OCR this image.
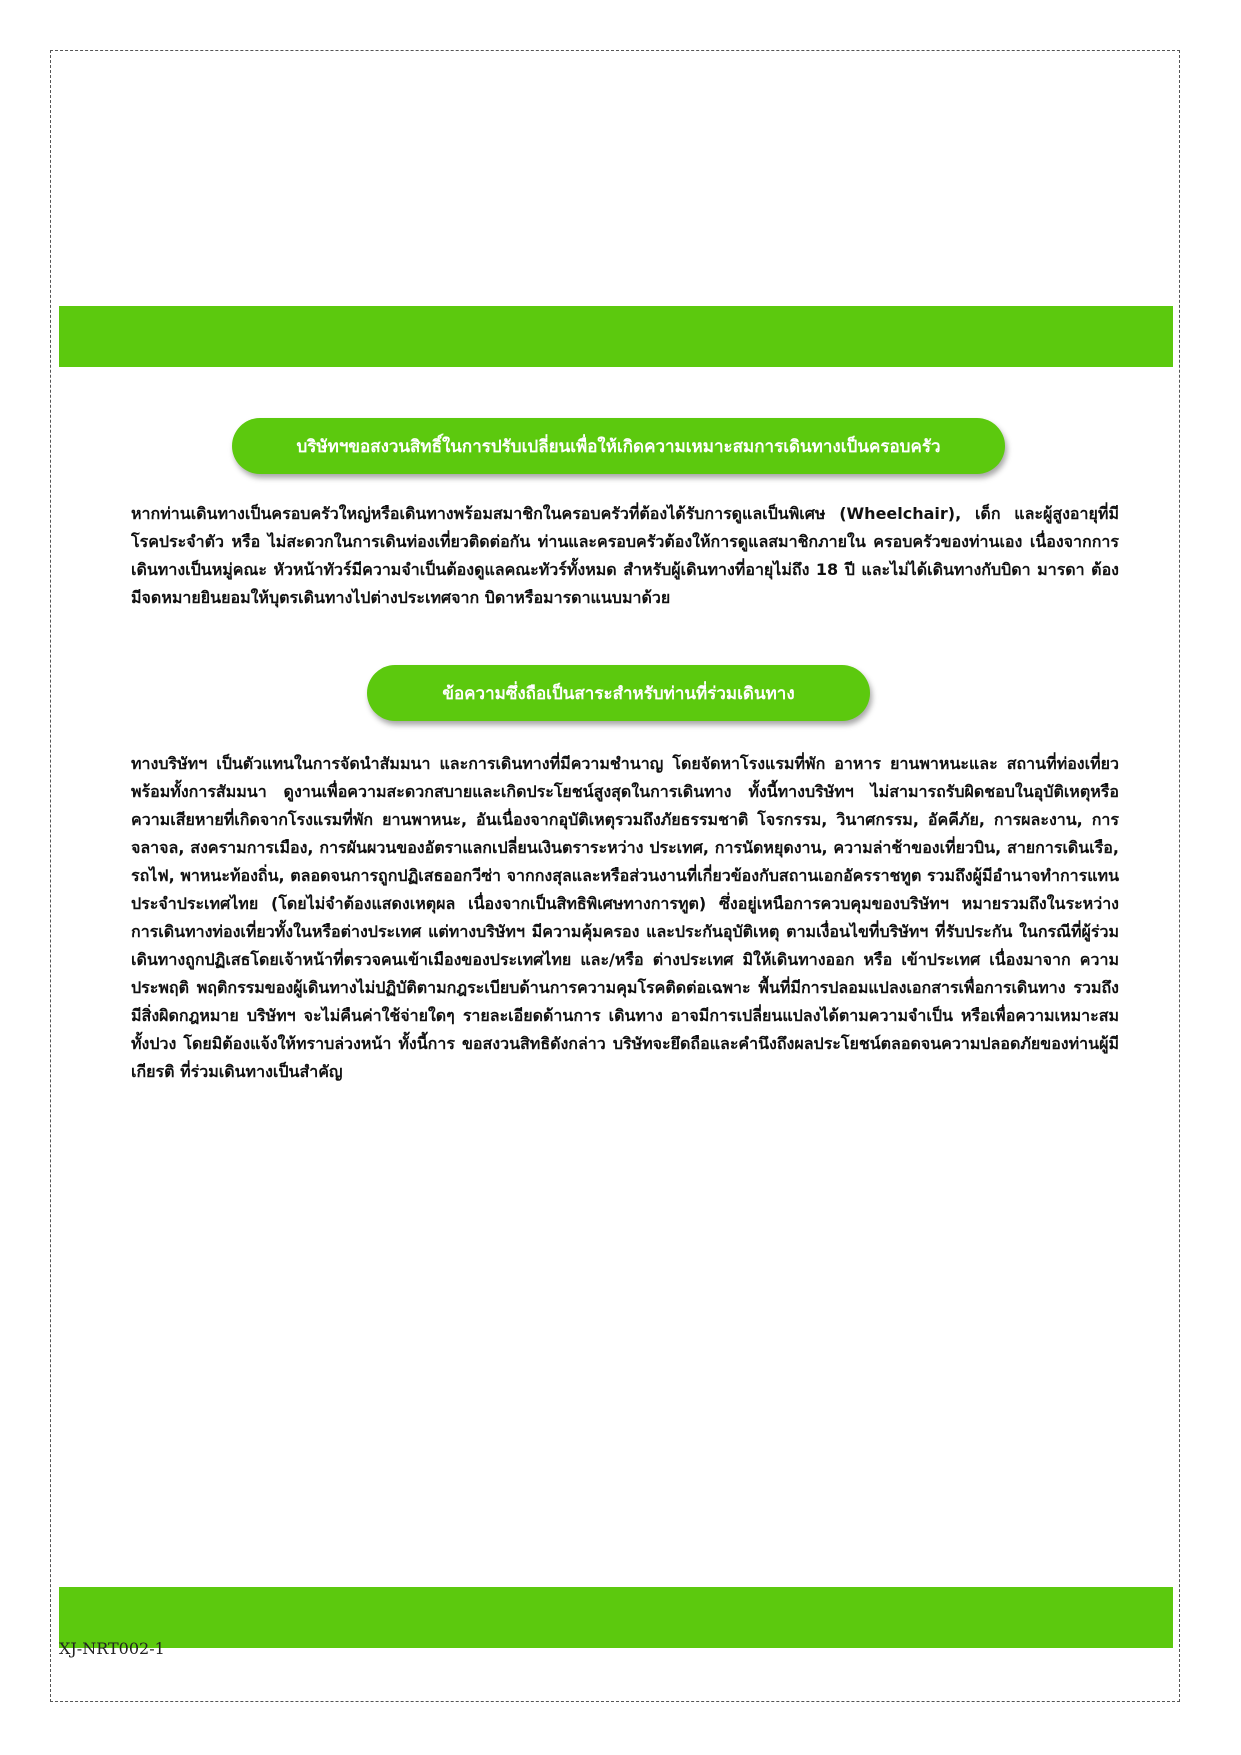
บริษัทฯขอสงวนสิทธิ์ในการปรับเปลี่ยนเพื่อให้เกิดความเหมาะสมการเดินทางเป็นครอบครัว

หากท่านเดินทางเป็นครอบครัวใหญ่หรือเดินทางพร้อมสมาชิกในครอบครัวที่ต้องได้รับการดูแลเป็นพิเศษ (Wheelchair), เด็ก และผู้สูงอายุที่มีโรคประจำตัว หรือ ไม่สะดวกในการเดินท่องเที่ยวติดต่อกัน ท่านและครอบครัวต้องให้การดูแลสมาชิกภายใน ครอบครัวของท่านเอง เนื่องจากการเดินทางเป็นหมู่คณะ หัวหน้าทัวร์มีความจำเป็นต้องดูแลคณะทัวร์ทั้งหมด สำหรับผู้เดินทางที่อายุไม่ถึง 18 ปี และไม่ได้เดินทางกับบิดา มารดา ต้องมีจดหมายยินยอมให้บุตรเดินทางไปต่างประเทศจาก บิดาหรือมารดาแนบมาด้วย

ข้อความซึ่งถือเป็นสาระสำหรับท่านที่ร่วมเดินทาง

ทางบริษัทฯ เป็นตัวแทนในการจัดนำสัมมนา และการเดินทางที่มีความชำนาญ โดยจัดหาโรงแรมที่พัก อาหาร ยานพาหนะและ สถานที่ท่องเที่ยวพร้อมทั้งการสัมมนา ดูงานเพื่อความสะดวกสบายและเกิดประโยชน์สูงสุดในการเดินทาง ทั้งนี้ทางบริษัทฯ ไม่สามารถรับผิดชอบในอุบัติเหตุหรือความเสียหายที่เกิดจากโรงแรมที่พัก ยานพาหนะ, อันเนื่องจากอุบัติเหตุรวมถึงภัยธรรมชาติ โจรกรรม, วินาศกรรม, อัคคีภัย, การผละงาน, การจลาจล, สงครามการเมือง, การผันผวนของอัตราแลกเปลี่ยนเงินตราระหว่าง ประเทศ, การนัดหยุดงาน, ความล่าช้าของเที่ยวบิน, สายการเดินเรือ, รถไฟ, พาหนะท้องถิ่น, ตลอดจนการถูกปฏิเสธออกวีซ่า จากกงสุลและหรือส่วนงานที่เกี่ยวข้องกับสถานเอกอัครราชทูต รวมถึงผู้มีอำนาจทำการแทนประจำประเทศไทย (โดยไม่จำต้องแสดงเหตุผล เนื่องจากเป็นสิทธิพิเศษทางการทูต) ซึ่งอยู่เหนือการควบคุมของบริษัทฯ หมายรวมถึงในระหว่าง การเดินทางท่องเที่ยวทั้งในหรือต่างประเทศ แต่ทางบริษัทฯ มีความคุ้มครอง และประกันอุบัติเหตุ ตามเงื่อนไขที่บริษัทฯ ที่รับประกัน ในกรณีที่ผู้ร่วมเดินทางถูกปฏิเสธโดยเจ้าหน้าที่ตรวจคนเข้าเมืองของประเทศไทย และ/หรือ ต่างประเทศ มิให้เดินทางออก หรือ เข้าประเทศ เนื่องมาจาก ความประพฤติ พฤติกรรมของผู้เดินทางไม่ปฏิบัติตามกฎระเบียบด้านการความคุมโรคติดต่อเฉพาะ พื้นที่มีการปลอมแปลงเอกสารเพื่อการเดินทาง รวมถึงมีสิ่งผิดกฎหมาย บริษัทฯ จะไม่คืนค่าใช้จ่ายใดๆ รายละเอียดด้านการ เดินทาง อาจมีการเปลี่ยนแปลงได้ตามความจำเป็น หรือเพื่อความเหมาะสมทั้งปวง โดยมิต้องแจ้งให้ทราบล่วงหน้า ทั้งนี้การ ขอสงวนสิทธิดังกล่าว บริษัทจะยึดถือและคำนึงถึงผลประโยชน์ตลอดจนความปลอดภัยของท่านผู้มีเกียรติ ที่ร่วมเดินทางเป็นสำคัญ

XJ-NRT002-1
